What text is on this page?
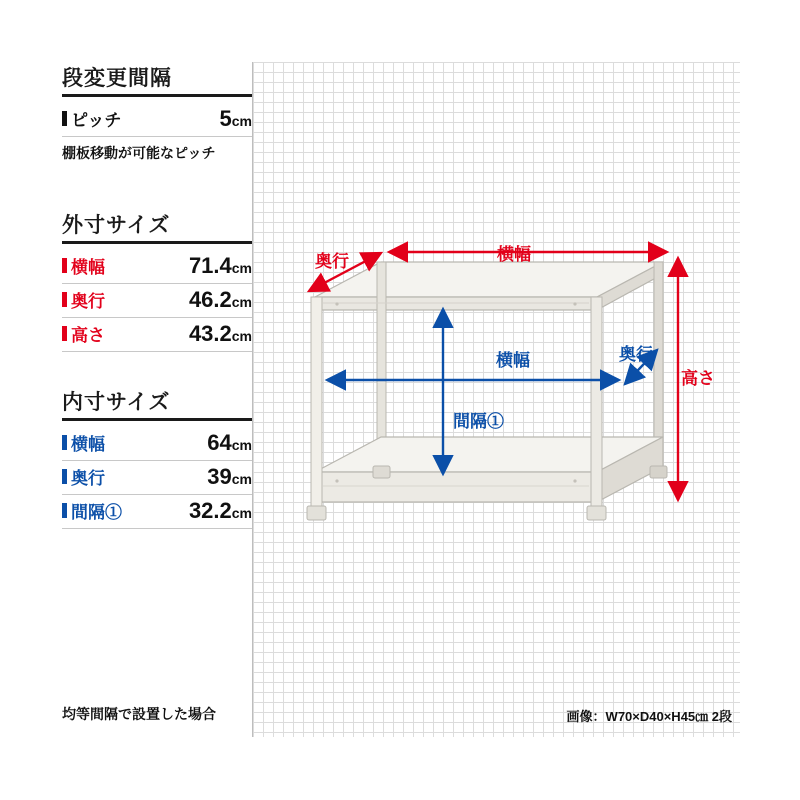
段変更間隔
ピッチ	5cm
棚板移動が可能なピッチ
外寸サイズ
横幅	71.4cm
奥行	46.2cm
高さ	43.2cm
内寸サイズ
横幅	64cm
奥行	39cm
間隔①	32.2cm
均等間隔で設置した場合
横幅
奥行
高さ
横幅	奥行
間隔①
画像：W70×D40×H45㎝ 2段
